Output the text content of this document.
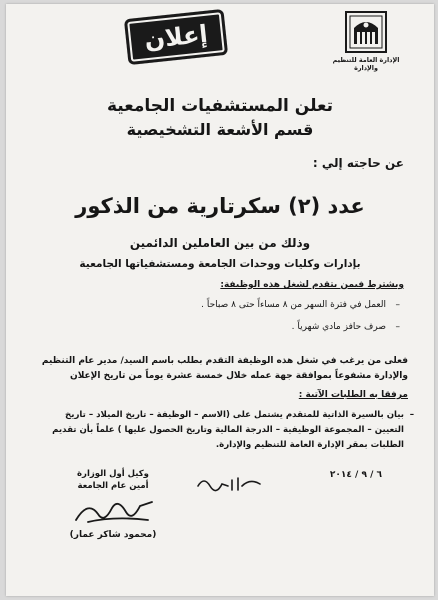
الإدارة العامة للتنظيم والإدارة
إعلان
تعلن المستشفيات الجامعية
قسم الأشعة التشخيصية
عن حاجته إلي :
عدد (٢) سكرتارية من الذكور
وذلك من بين العاملين الدائمين
بإدارات وكليات ووحدات الجامعة ومستشفياتها الجامعية
ويشترط فيمن يتقدم لشغل هذه الوظيفة:
– العمل في فترة السهر من ٨ مساءاً حتى ٨ صباحاً .
– صرف حافز مادي شهرياً .
فعلى من يرغب في شغل هذه الوظيفة التقدم بطلب باسم السيد/ مدير عام التنظيم والإدارة مشفوعاً بموافقة جهة عمله خلال خمسة عشرة يوماً من تاريخ الإعلان
مرفقا به الطلبات الآتية :
– بيان بالسيرة الذاتية للمتقدم يشتمل على (الاسم – الوظيفة – تاريخ الميلاد – تاريخ التعيين – المجموعة الوظيفية – الدرجة المالية وتاريخ الحصول عليها ) علماً بأن تقديم الطلبات بمقر الإدارة العامة للتنظيم والإدارة.
٦ / ٩ / ٢٠١٤
وكيل أول الوزارة
أمين عام الجامعة
(محمود شاكر عمار)
